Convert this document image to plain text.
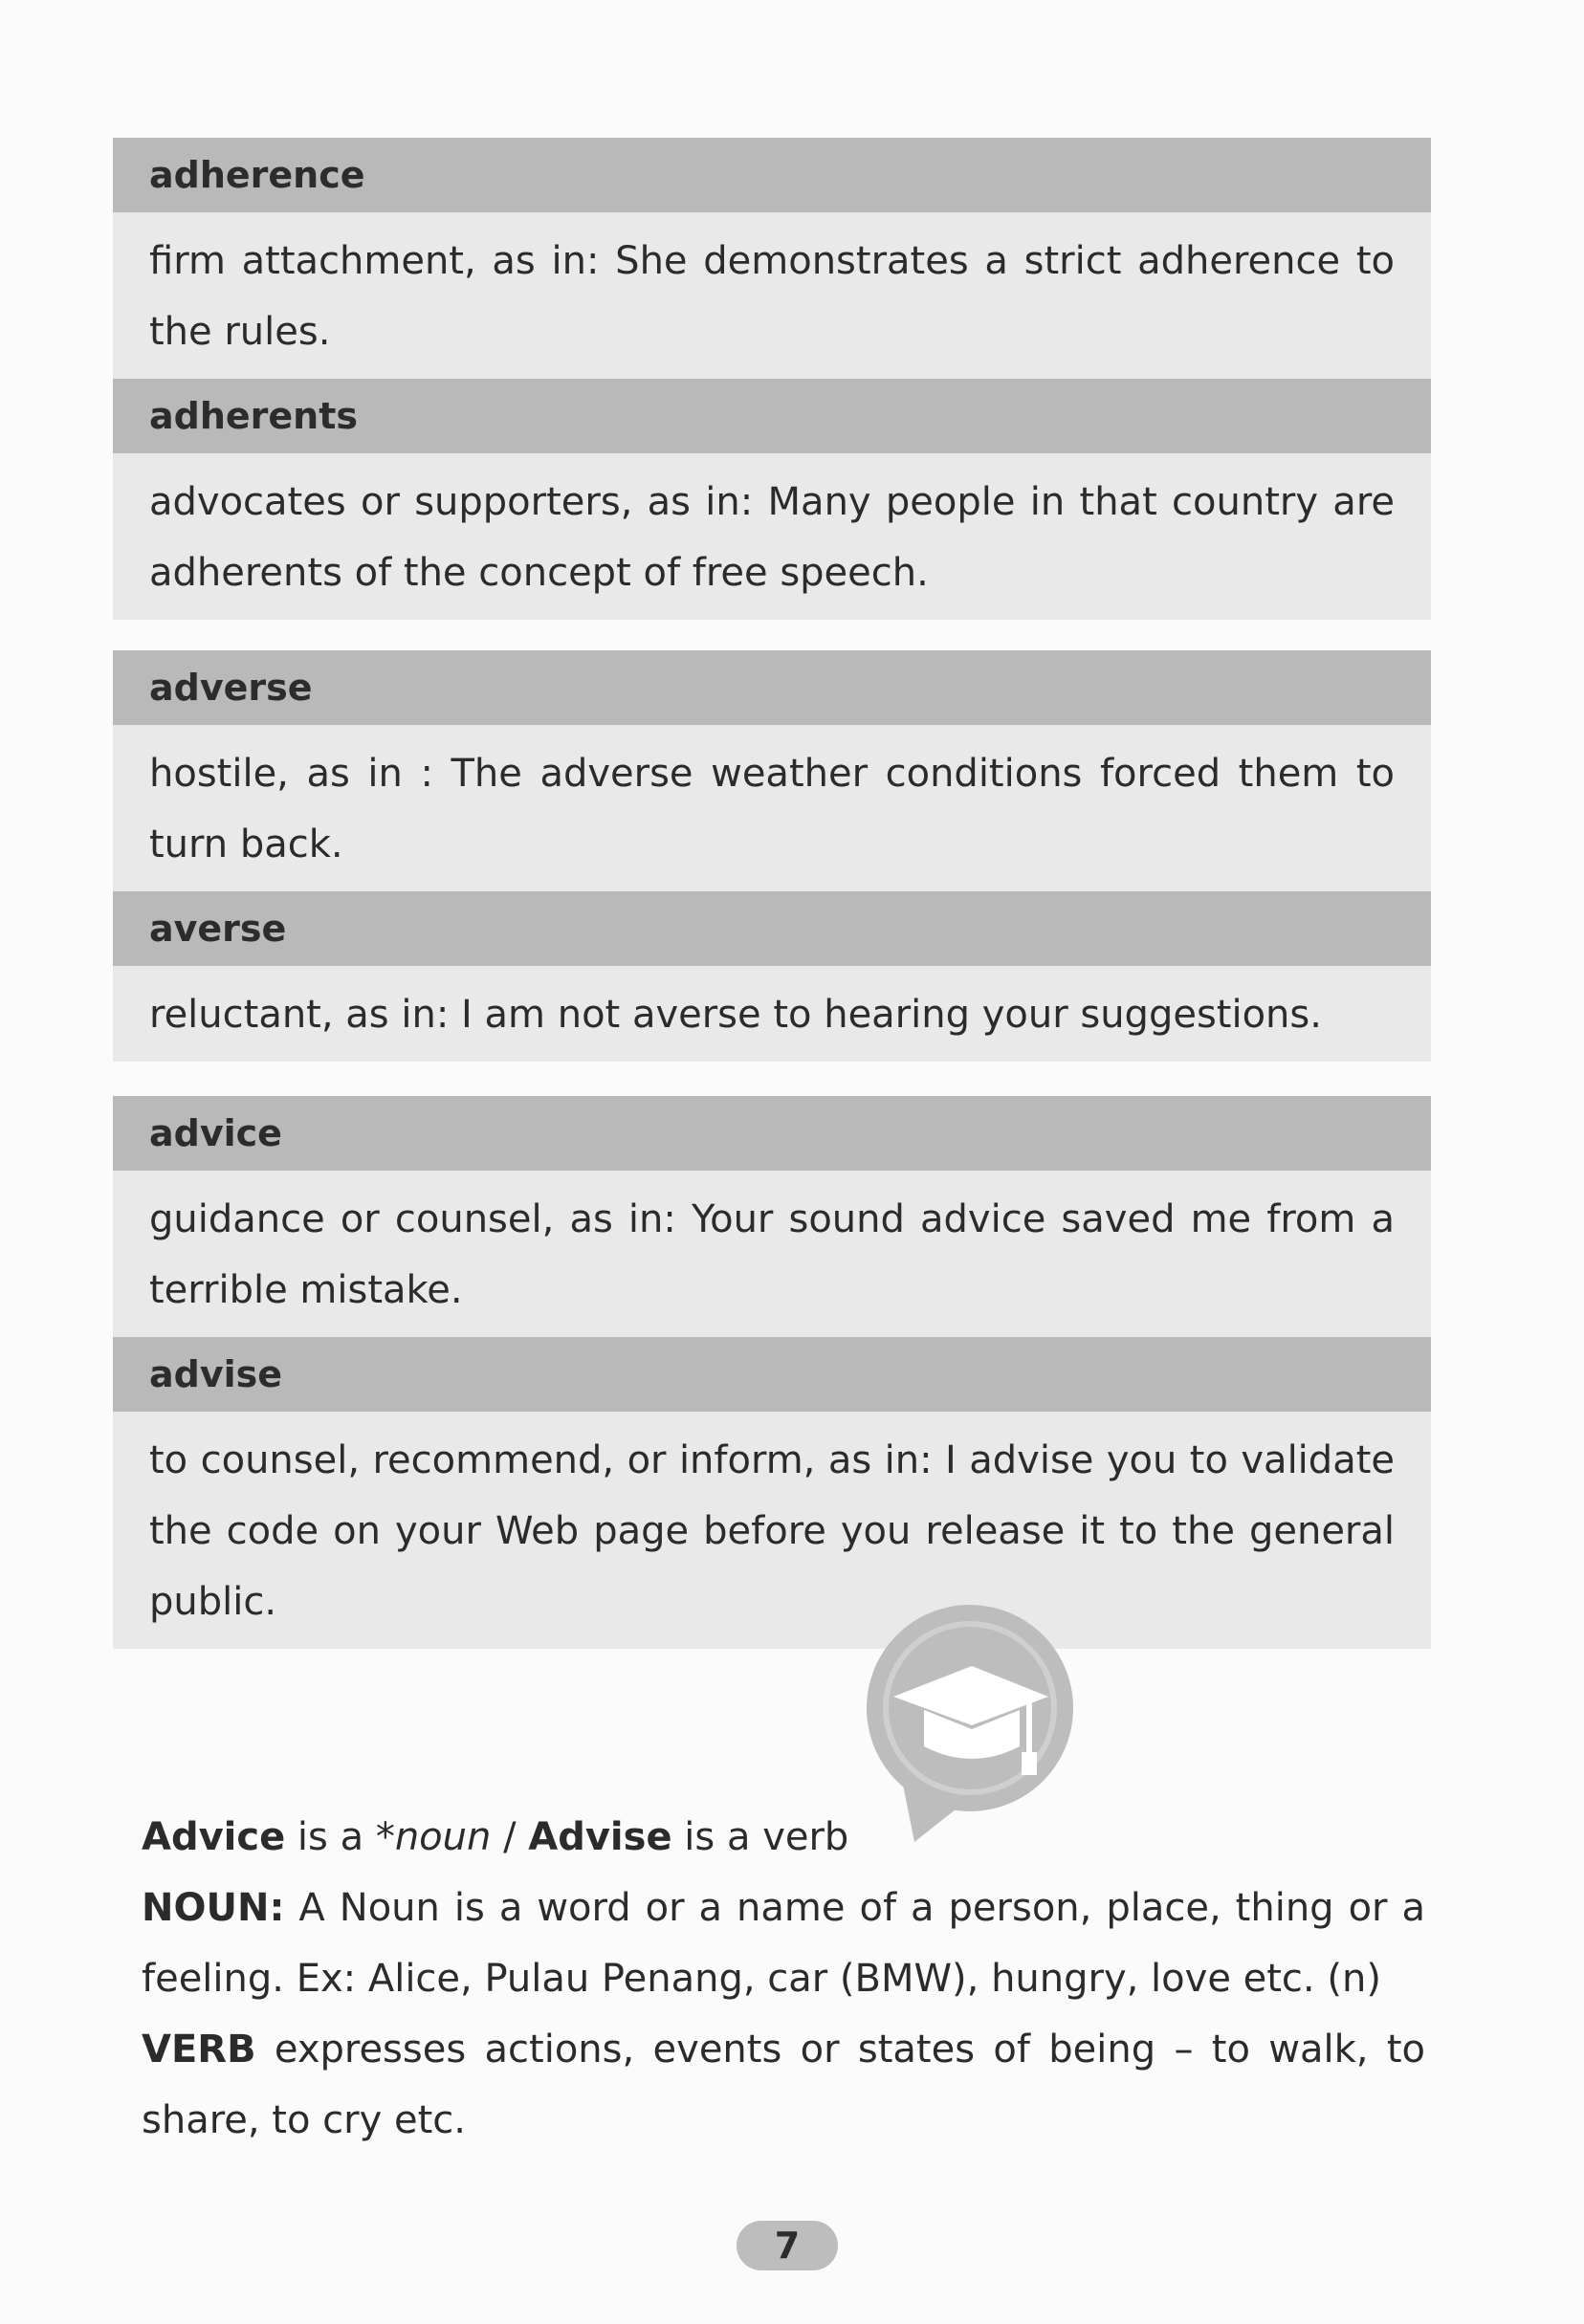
adherence
firm attachment, as in: She demonstrates a strict adherence to the rules.
adherents
advocates or supporters, as in: Many people in that country are adherents of the concept of free speech.
adverse
hostile, as in : The adverse weather conditions forced them to turn back.
averse
reluctant, as in: I am not averse to hearing your suggestions.
advice
guidance or counsel, as in: Your sound advice saved me from a terrible mistake.
advise
to counsel, recommend, or inform, as in: I advise you to validate the code on your Web page before you release it to the general public.

Advice is a *noun / Advise is a verb

NOUN: A Noun is a word or a name of a person, place, thing or a feeling. Ex: Alice, Pulau Penang, car (BMW), hungry, love etc. (n)

VERB expresses actions, events or states of being – to walk, to share, to cry etc.

7
